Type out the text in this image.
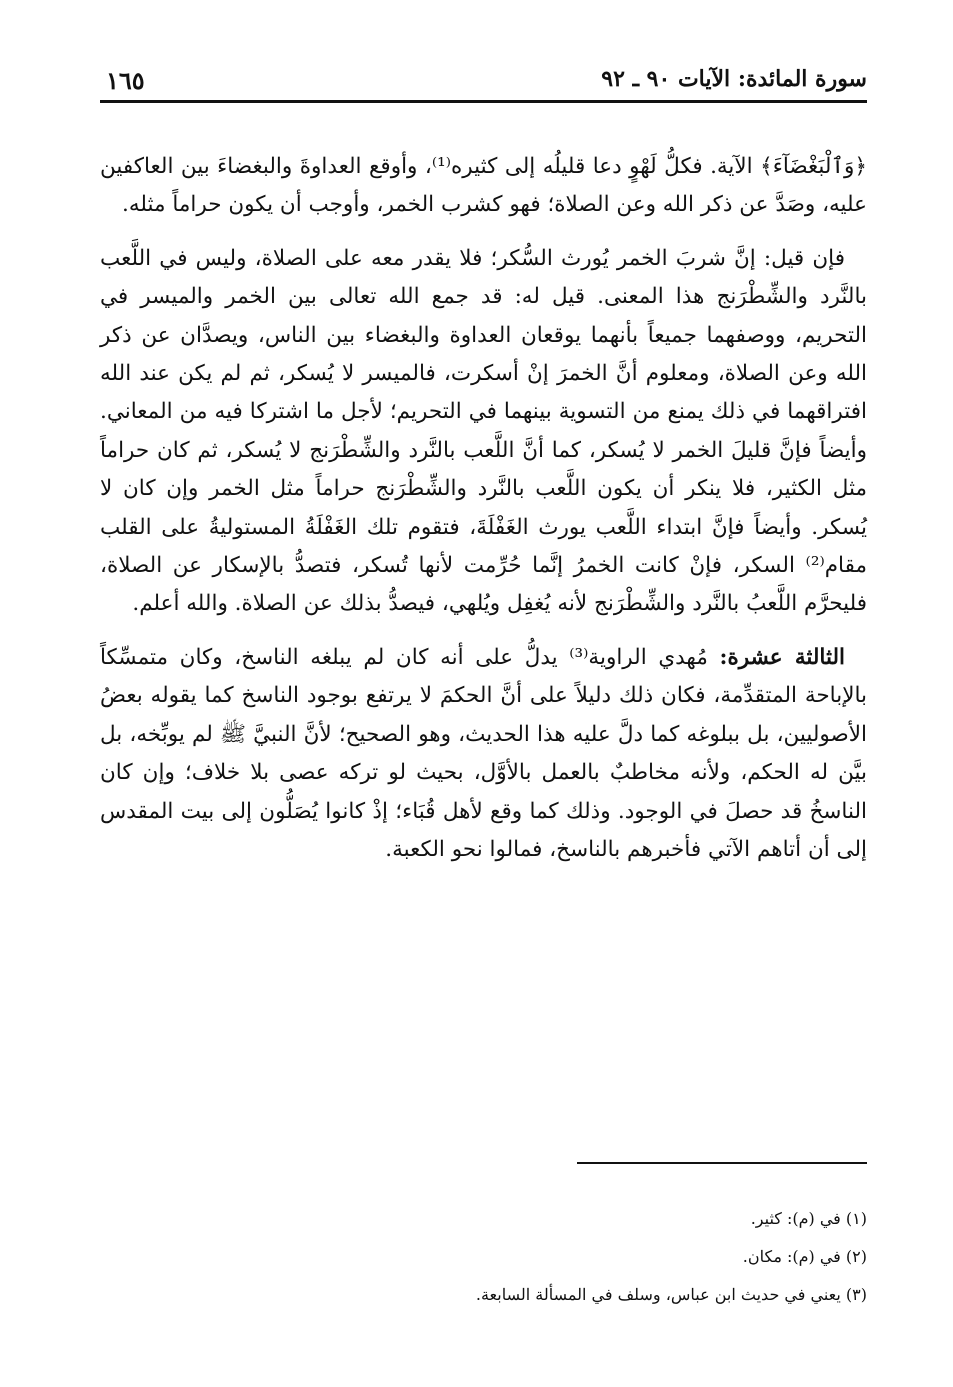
سورة المائدة: الآيات ٩٠ ـ ٩٢
١٦٥

﴿وَٱلْبَغْضَآءَ﴾ الآية. فكلُّ لَهْوٍ دعا قليلُه إلى كثيره⁽¹⁾، وأوقع العداوةَ والبغضاءَ بين العاكفين عليه، وصَدَّ عن ذكر الله وعن الصلاة؛ فهو كشرب الخمر، وأوجب أن يكون حراماً مثله.

فإن قيل: إنَّ شربَ الخمر يُورث السُّكر؛ فلا يقدر معه على الصلاة، وليس في اللَّعب بالنَّرد والشِّطْرَنج هذا المعنى. قيل له: قد جمع الله تعالى بين الخمر والميسر في التحريم، ووصفهما جميعاً بأنهما يوقعان العداوة والبغضاء بين الناس، ويصدَّان عن ذكر الله وعن الصلاة، ومعلوم أنَّ الخمرَ إنْ أسكرت، فالميسر لا يُسكر، ثم لم يكن عند الله افتراقهما في ذلك يمنع من التسوية بينهما في التحريم؛ لأجل ما اشتركا فيه من المعاني. وأيضاً فإنَّ قليلَ الخمر لا يُسكر، كما أنَّ اللَّعب بالنَّرد والشِّطْرَنج لا يُسكر، ثم كان حراماً مثل الكثير، فلا ينكر أن يكون اللَّعب بالنَّرد والشِّطْرَنج حراماً مثل الخمر وإن كان لا يُسكر. وأيضاً فإنَّ ابتداء اللَّعب يورث الغَفْلَةَ، فتقوم تلك الغَفْلَةُ المستوليةُ على القلب مقام⁽²⁾ السكر، فإنْ كانت الخمرُ إنَّما حُرِّمت لأنها تُسكر، فتصدُّ بالإسكار عن الصلاة، فليحرَّم اللَّعبُ بالنَّرد والشِّطْرَنج لأنه يُغفِل ويُلهي، فيصدُّ بذلك عن الصلاة. والله أعلم.

الثالثة عشرة: مُهدي الراوية⁽³⁾ يدلُّ على أنه كان لم يبلغه الناسخ، وكان متمسِّكاً بالإباحة المتقدِّمة، فكان ذلك دليلاً على أنَّ الحكمَ لا يرتفع بوجود الناسخ كما يقوله بعضُ الأصوليين، بل ببلوغه كما دلَّ عليه هذا الحديث، وهو الصحيح؛ لأنَّ النبيَّ ﷺ لم يوبِّخه، بل بيَّن له الحكم، ولأنه مخاطبٌ بالعمل بالأوَّل، بحيث لو تركه عصى بلا خلاف؛ وإن كان الناسخُ قد حصلَ في الوجود. وذلك كما وقع لأهل قُبَاء؛ إذْ كانوا يُصَلُّون إلى بيت المقدس إلى أن أتاهم الآتي فأخبرهم بالناسخ، فمالوا نحو الكعبة.

(١) في (م): كثير.

(٢) في (م): مكان.

(٣) يعني في حديث ابن عباس، وسلف في المسألة السابعة.
